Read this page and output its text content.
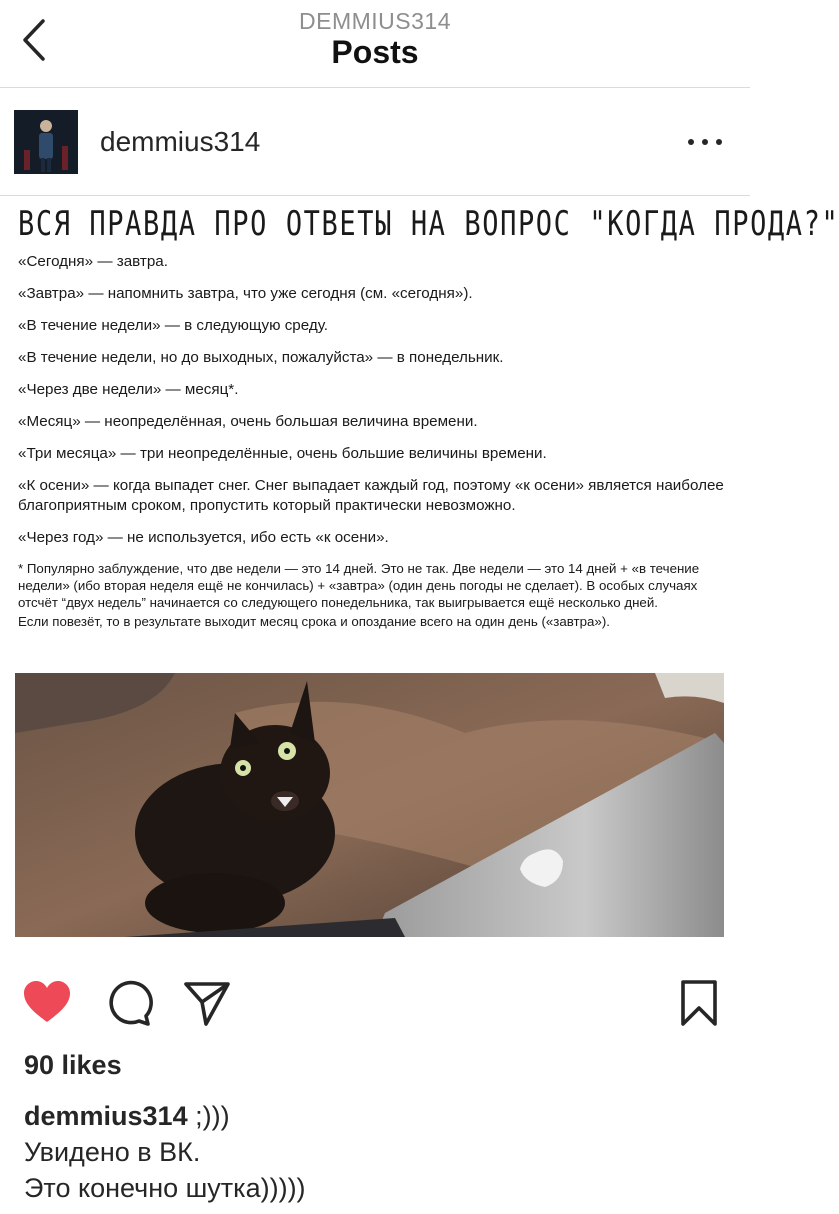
DEMMIUS314
Posts
demmius314
ВСЯ ПРАВДА ПРО ОТВЕТЫ НА ВОПРОС "КОГДА ПРОДА?"
«Сегодня» — завтра.
«Завтра» — напомнить завтра, что уже сегодня (см. «сегодня»).
«В течение недели» — в следующую среду.
«В течение недели, но до выходных, пожалуйста» — в понедельник.
«Через две недели» — месяц*.
«Месяц» — неопределённая, очень большая величина времени.
«Три месяца» — три неопределённые, очень большие величины времени.
«К осени» — когда выпадет снег. Снег выпадает каждый год, поэтому «к осени» является наиболее благоприятным сроком, пропустить который практически невозможно.
«Через год» — не используется, ибо есть «к осени».
* Популярно заблуждение, что две недели — это 14 дней. Это не так. Две недели — это 14 дней + «в течение недели» (ибо вторая неделя ещё не кончилась) + «завтра» (один день погоды не сделает). В особых случаях отсчёт “двух недель” начинается со следующего понедельника, так выигрывается ещё несколько дней.
Если повезёт, то в результате выходит месяц срока и опоздание всего на один день («завтра»).
90 likes
demmius314 ;)))
Увидено в ВК.
Это конечно шутка)))))
